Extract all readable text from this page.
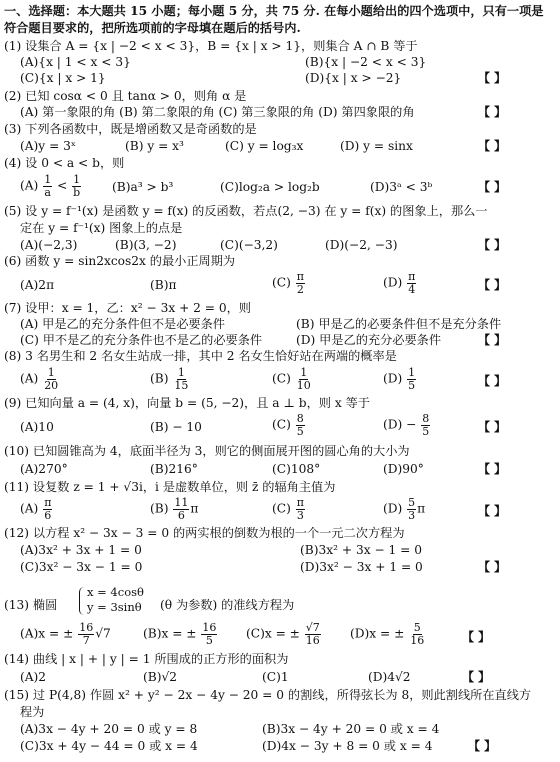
一、选择题：本大题共 15 小题；每小题 5 分，共 75 分. 在每小题给出的四个选项中，只有一项是
符合题目要求的，把所选项前的字母填在题后的括号内.
(1) 设集合 A = {x | −2 < x < 3}，B = {x | x > 1}，则集合 A ∩ B 等于
(A){x | 1 < x < 3}	(B){x | −2 < x < 3}
(C){x | x > 1}	(D){x | x > −2}	【 】
(2) 已知 cosα < 0 且 tanα > 0，则角 α 是
(A) 第一象限的角 (B) 第二象限的角 (C) 第三象限的角 (D) 第四象限的角	【 】
(3) 下列各函数中，既是增函数又是奇函数的是
(A)y = 3ˣ	(B) y = x³	(C) y = log₃x	(D) y = sinx	【 】
(4) 设 0 < a < b，则
$(A) \frac{1}{a} < \frac{1}{b}$	(B)a³ > b³	(C)log₂a > log₂b	(D)3ᵃ < 3ᵇ	【 】
(5) 设 y = f⁻¹(x) 是函数 y = f(x) 的反函数，若点(2, −3) 在 y = f(x) 的图象上，那么一
定在 y = f⁻¹(x) 图象上的点是
(A)(−2,3)	(B)(3, −2)	(C)(−3,2)	(D)(−2, −3)	【 】
(6) 函数 y = sin2xcos2x 的最小正周期为
(A)2π	(B)π	$(C) \frac{\pi}{2}$	$(D) \frac{\pi}{4}$	【 】
(7) 设甲：x = 1，乙：x² − 3x + 2 = 0，则
(A) 甲是乙的充分条件但不是必要条件	(B) 甲是乙的必要条件但不是充分条件
(C) 甲不是乙的充分条件也不是乙的必要条件	(D) 甲是乙的充分必要条件	【 】
(8) 3 名男生和 2 名女生站成一排，其中 2 名女生恰好站在两端的概率是
$(A) \frac{1}{20}$	$(B) \frac{1}{15}$	$(C) \frac{1}{10}$	$(D) \frac{1}{5}$	【 】
(9) 已知向量 a = (4, x)，向量 b = (5, −2)，且 a ⊥ b，则 x 等于
(A)10	(B) − 10	$(C) \frac{8}{5}$	$(D) - \frac{8}{5}$	【 】
(10) 已知圆锥高为 4，底面半径为 3，则它的侧面展开图的圆心角的大小为
(A)270°	(B)216°	(C)108°	(D)90°	【 】
(11) 设复数 z = 1 + √3i，i 是虚数单位，则 z̄ 的辐角主值为
$(A) \frac{\pi}{6}$	$(B) \frac{11}{6}$ π	$(C) \frac{\pi}{3}$	$(D) \frac{5}{3}$ π	【 】
(12) 以方程 x² − 3x − 3 = 0 的两实根的倒数为根的一个一元二次方程为
(A)3x² + 3x + 1 = 0	(B)3x² + 3x − 1 = 0
(C)3x² − 3x − 1 = 0	(D)3x² − 3x + 1 = 0	【 】
(13) 椭圆
x = 4cosθ
y = 3sinθ (θ 为参数) 的准线方程为
(A)x = ± $\frac{16}{7} √7$	(B)x = ± $\frac{16}{5} (C)x$ = ± $\frac{√7}{16} (D)x$ = ± $\frac{5}{16}$	【 】
(14) 曲线 | x | + | y | = 1 所围成的正方形的面积为
(A)2	(B)√2	(C)1	(D)4√2	【 】
(15) 过 P(4,8) 作圆 x² + y² − 2x − 4y − 20 = 0 的割线，所得弦长为 8，则此割线所在直线方
程为
(A)3x − 4y + 20 = 0 或 y = 8	(B)3x − 4y + 20 = 0 或 x = 4
(C)3x + 4y − 44 = 0 或 x = 4	(D)4x − 3y + 8 = 0 或 x = 4	【 】
